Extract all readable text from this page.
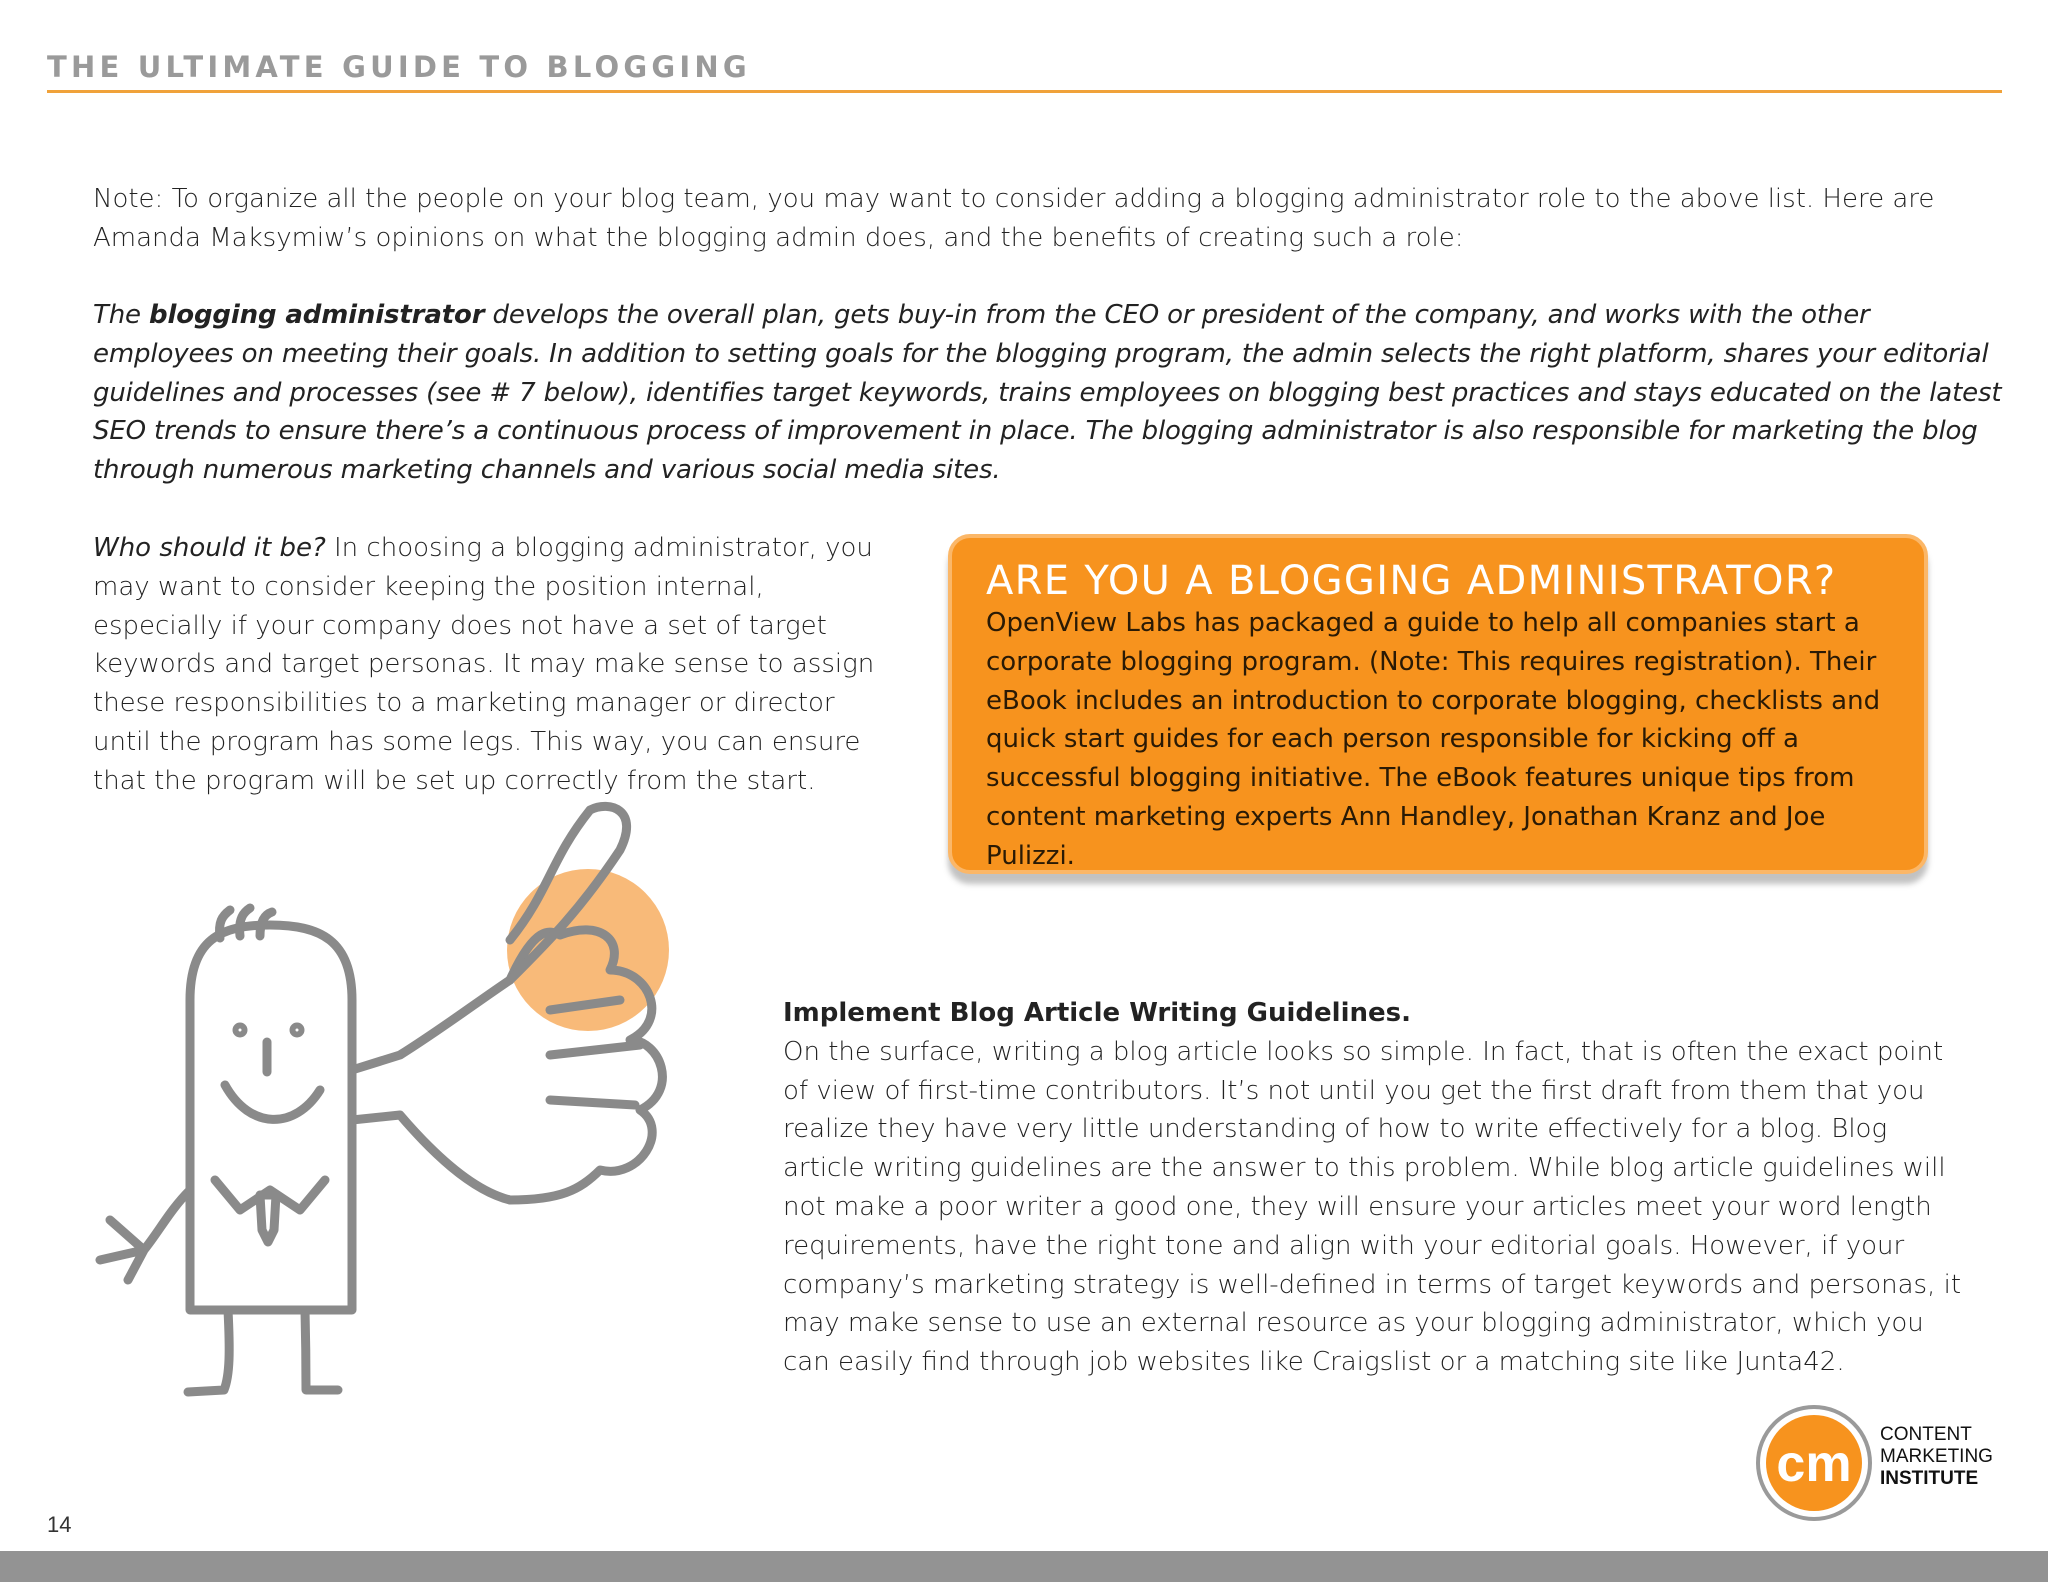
THE ULTIMATE GUIDE TO BLOGGING
Note: To organize all the people on your blog team, you may want to consider adding a blogging administrator role to the above list. Here are Amanda Maksymiw’s opinions on what the blogging admin does, and the benefits of creating such a role:
The blogging administrator develops the overall plan, gets buy-in from the CEO or president of the company, and works with the other employees on meeting their goals. In addition to setting goals for the blogging program, the admin selects the right platform, shares your editorial guidelines and processes (see # 7 below), identifies target keywords, trains employees on blogging best practices and stays educated on the latest SEO trends to ensure there’s a continuous process of improvement in place. The blogging administrator is also responsible for marketing the blog through numerous marketing channels and various social media sites.
Who should it be? In choosing a blogging administrator, you may want to consider keeping the position internal, especially if your company does not have a set of target keywords and target personas. It may make sense to assign these responsibilities to a marketing manager or director until the program has some legs. This way, you can ensure that the program will be set up correctly from the start.
ARE YOU A BLOGGING ADMINISTRATOR?
OpenView Labs has packaged a guide to help all companies start a corporate blogging program. (Note: This requires registration). Their eBook includes an introduction to corporate blogging, checklists and quick start guides for each person responsible for kicking off a successful blogging initiative. The eBook features unique tips from content marketing experts Ann Handley, Jonathan Kranz and Joe Pulizzi.
Implement Blog Article Writing Guidelines.
On the surface, writing a blog article looks so simple. In fact, that is often the exact point of view of first-time contributors. It’s not until you get the first draft from them that you realize they have very little understanding of how to write effectively for a blog. Blog article writing guidelines are the answer to this problem. While blog article guidelines will not make a poor writer a good one, they will ensure your articles meet your word length requirements, have the right tone and align with your editorial goals. However, if your company’s marketing strategy is well-defined in terms of target keywords and personas, it may make sense to use an external resource as your blogging administrator, which you can easily find through job websites like Craigslist or a matching site like Junta42.
cm
CONTENT
MARKETING
INSTITUTE
14
